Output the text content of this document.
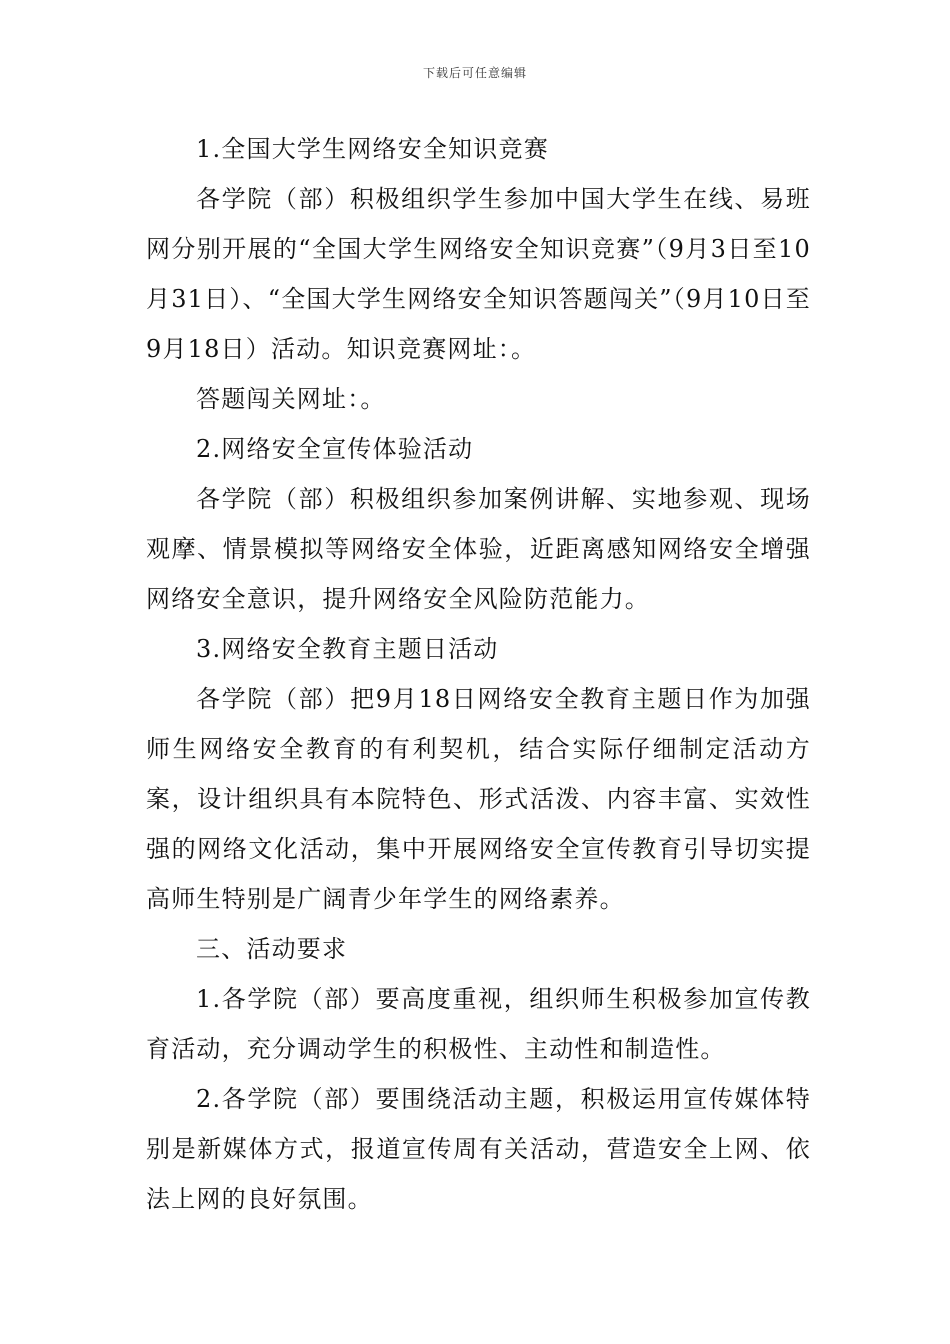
下载后可任意编辑

1.全国大学生网络安全知识竞赛

各学院（部）积极组织学生参加中国大学生在线、易班网分别开展的“全国大学生网络安全知识竞赛”（9月3日至10月31日）、“全国大学生网络安全知识答题闯关”（9月10日至9月18日）活动。知识竞赛网址：。

答题闯关网址：。

2.网络安全宣传体验活动

各学院（部）积极组织参加案例讲解、实地参观、现场观摩、情景模拟等网络安全体验，近距离感知网络安全增强网络安全意识，提升网络安全风险防范能力。

3.网络安全教育主题日活动

各学院（部）把9月18日网络安全教育主题日作为加强师生网络安全教育的有利契机，结合实际仔细制定活动方案，设计组织具有本院特色、形式活泼、内容丰富、实效性强的网络文化活动，集中开展网络安全宣传教育引导切实提高师生特别是广阔青少年学生的网络素养。

三、活动要求

1.各学院（部）要高度重视，组织师生积极参加宣传教育活动，充分调动学生的积极性、主动性和制造性。

2.各学院（部）要围绕活动主题，积极运用宣传媒体特别是新媒体方式，报道宣传周有关活动，营造安全上网、依法上网的良好氛围。
